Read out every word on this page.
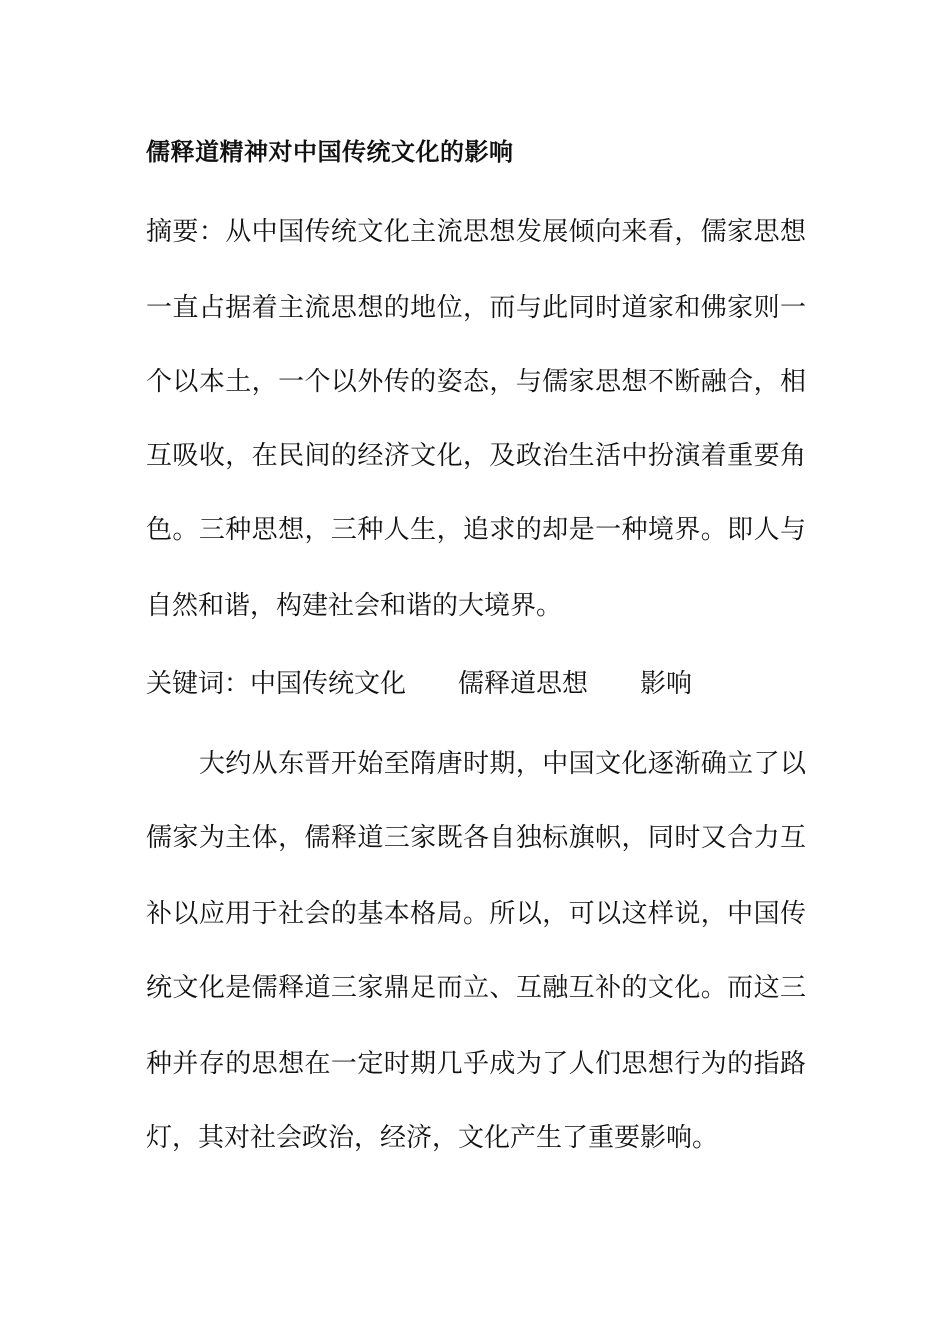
儒释道精神对中国传统文化的影响
摘要：从中国传统文化主流思想发展倾向来看，儒家思想
一直占据着主流思想的地位，而与此同时道家和佛家则一
个以本土，一个以外传的姿态，与儒家思想不断融合，相
互吸收，在民间的经济文化，及政治生活中扮演着重要角
色。三种思想，三种人生，追求的却是一种境界。即人与
自然和谐，构建社会和谐的大境界。
关键词：中国传统文化 儒释道思想 影响
　　大约从东晋开始至隋唐时期，中国文化逐渐确立了以
儒家为主体，儒释道三家既各自独标旗帜，同时又合力互
补以应用于社会的基本格局。所以，可以这样说，中国传
统文化是儒释道三家鼎足而立、互融互补的文化。而这三
种并存的思想在一定时期几乎成为了人们思想行为的指路
灯，其对社会政治，经济，文化产生了重要影响。
